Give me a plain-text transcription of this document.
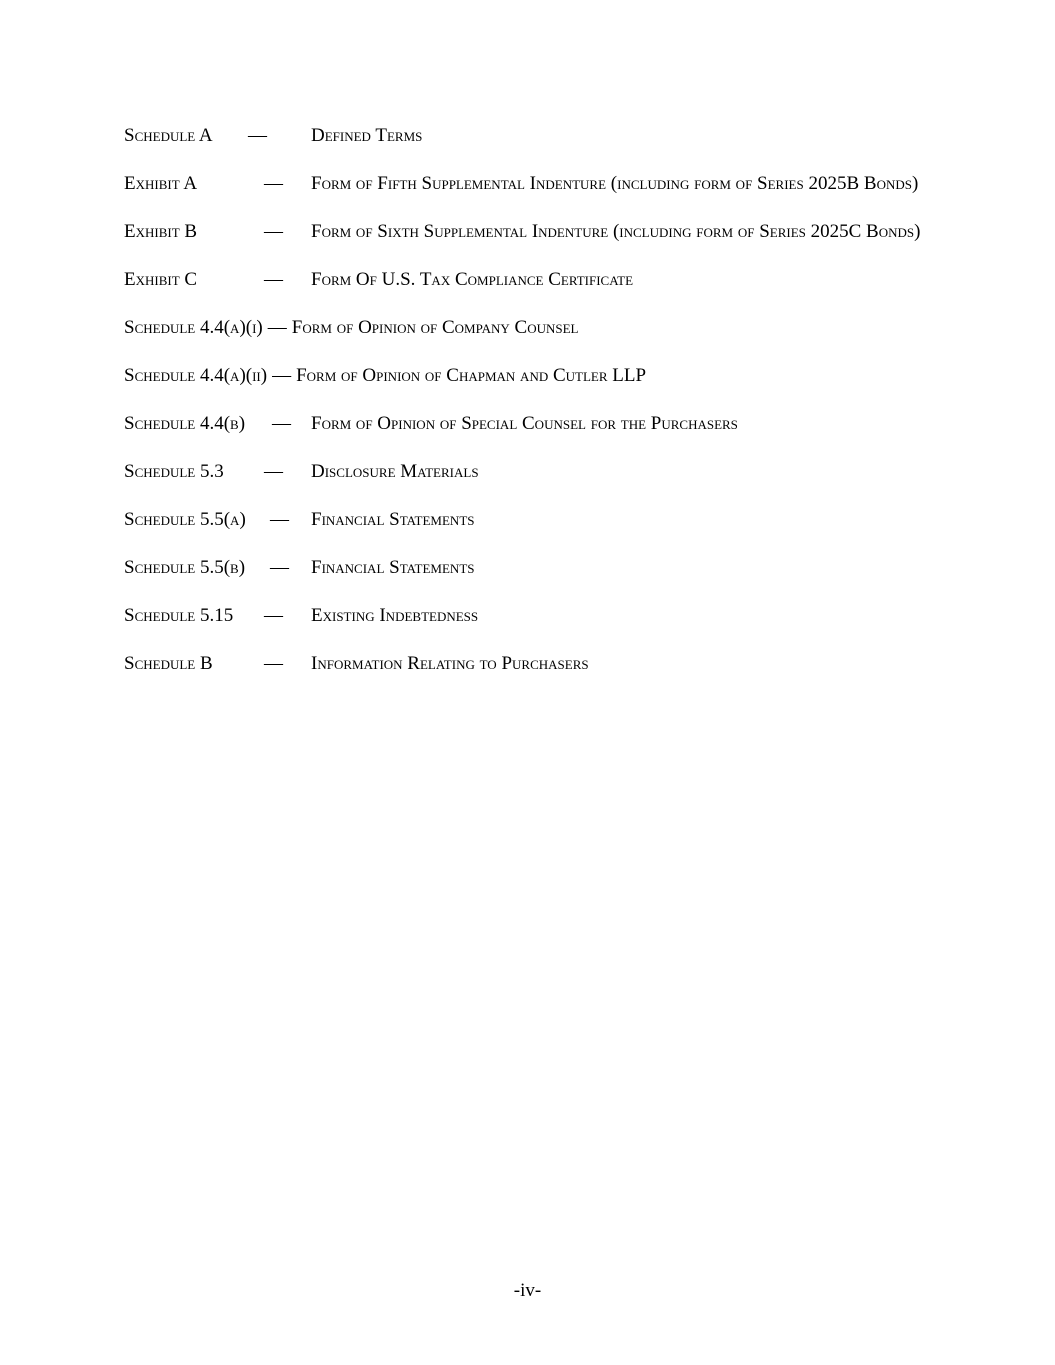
Schedule A — Defined Terms
Exhibit A	— Form of Fifth Supplemental Indenture (including form of Series 2025B Bonds)
Exhibit B	— Form of Sixth Supplemental Indenture (including form of Series 2025C Bonds)
Exhibit C	— Form Of U.S. Tax Compliance Certificate
Schedule 4.4(a)(i) — Form of Opinion of Company Counsel
Schedule 4.4(a)(ii) — Form of Opinion of Chapman and Cutler LLP
Schedule 4.4(b) — Form of Opinion of Special Counsel for the Purchasers
Schedule 5.3 — Disclosure Materials
Schedule 5.5(a) — Financial Statements
Schedule 5.5(b) — Financial Statements
Schedule 5.15 — Existing Indebtedness
Schedule B	— Information Relating to Purchasers
-iv-
